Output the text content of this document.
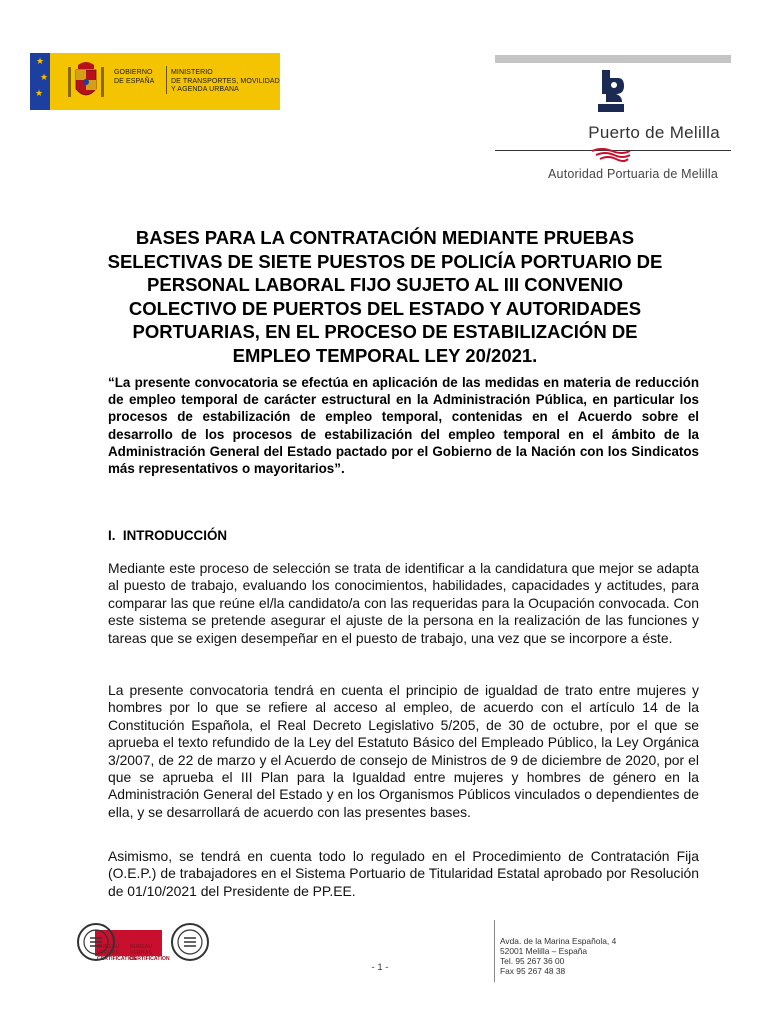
★
★
★
GOBIERNO
DE ESPAÑA
MINISTERIO
DE TRANSPORTES, MOVILIDAD
Y AGENDA URBANA
Puerto de Melilla
Autoridad Portuaria de Melilla
BASES PARA LA CONTRATACIÓN MEDIANTE PRUEBAS SELECTIVAS DE SIETE PUESTOS DE POLICÍA PORTUARIO DE PERSONAL LABORAL FIJO SUJETO AL III CONVENIO COLECTIVO DE PUERTOS DEL ESTADO Y AUTORIDADES PORTUARIAS, EN EL PROCESO DE ESTABILIZACIÓN DE EMPLEO TEMPORAL LEY 20/2021.

“La presente convocatoria se efectúa en aplicación de las medidas en materia de reducción de empleo temporal de carácter estructural en la Administración Pública, en particular los procesos de estabilización de empleo temporal, contenidas en el Acuerdo sobre el desarrollo de los procesos de estabilización del empleo temporal en el ámbito de la Administración General del Estado pactado por el Gobierno de la Nación con los Sindicatos más representativos o mayoritarios”.

I.  INTRODUCCIÓN

Mediante este proceso de selección se trata de identificar a la candidatura que mejor se adapta al puesto de trabajo, evaluando los conocimientos, habilidades, capacidades y actitudes, para comparar las que reúne el/la candidato/a con las requeridas para la Ocupación convocada. Con este sistema se pretende asegurar el ajuste de la persona en la realización de las funciones y tareas que se exigen desempeñar en el puesto de trabajo, una vez que se incorpore a éste.

La presente convocatoria tendrá en cuenta el principio de igualdad de trato entre mujeres y hombres por lo que se refiere al acceso al empleo, de acuerdo con el artículo 14 de la Constitución Española, el Real Decreto Legislativo 5/205, de 30 de octubre, por el que se aprueba el texto refundido de la Ley del Estatuto Básico del Empleado Público, la Ley Orgánica 3/2007, de 22 de marzo y el Acuerdo de consejo de Ministros de 9 de diciembre de 2020, por el que se aprueba el III Plan para la Igualdad entre mujeres y hombres de género en la Administración General del Estado y en los Organismos Públicos vinculados o dependientes de ella, y se desarrollará de acuerdo con las presentes bases.

Asimismo, se tendrá en cuenta todo lo regulado en el Procedimiento de Contratación Fija (O.E.P.) de trabajadores en el Sistema Portuario de Titularidad Estatal aprobado por Resolución de 01/10/2021 del Presidente de PP.EE.

BUREAU VERITAS CERTIFICATION
BUREAU VERITAS CERTIFICATION
- 1 -
Avda. de la Marina Española, 4
52001 Melilla – España
Tel. 95 267 36 00
Fax 95 267 48 38
